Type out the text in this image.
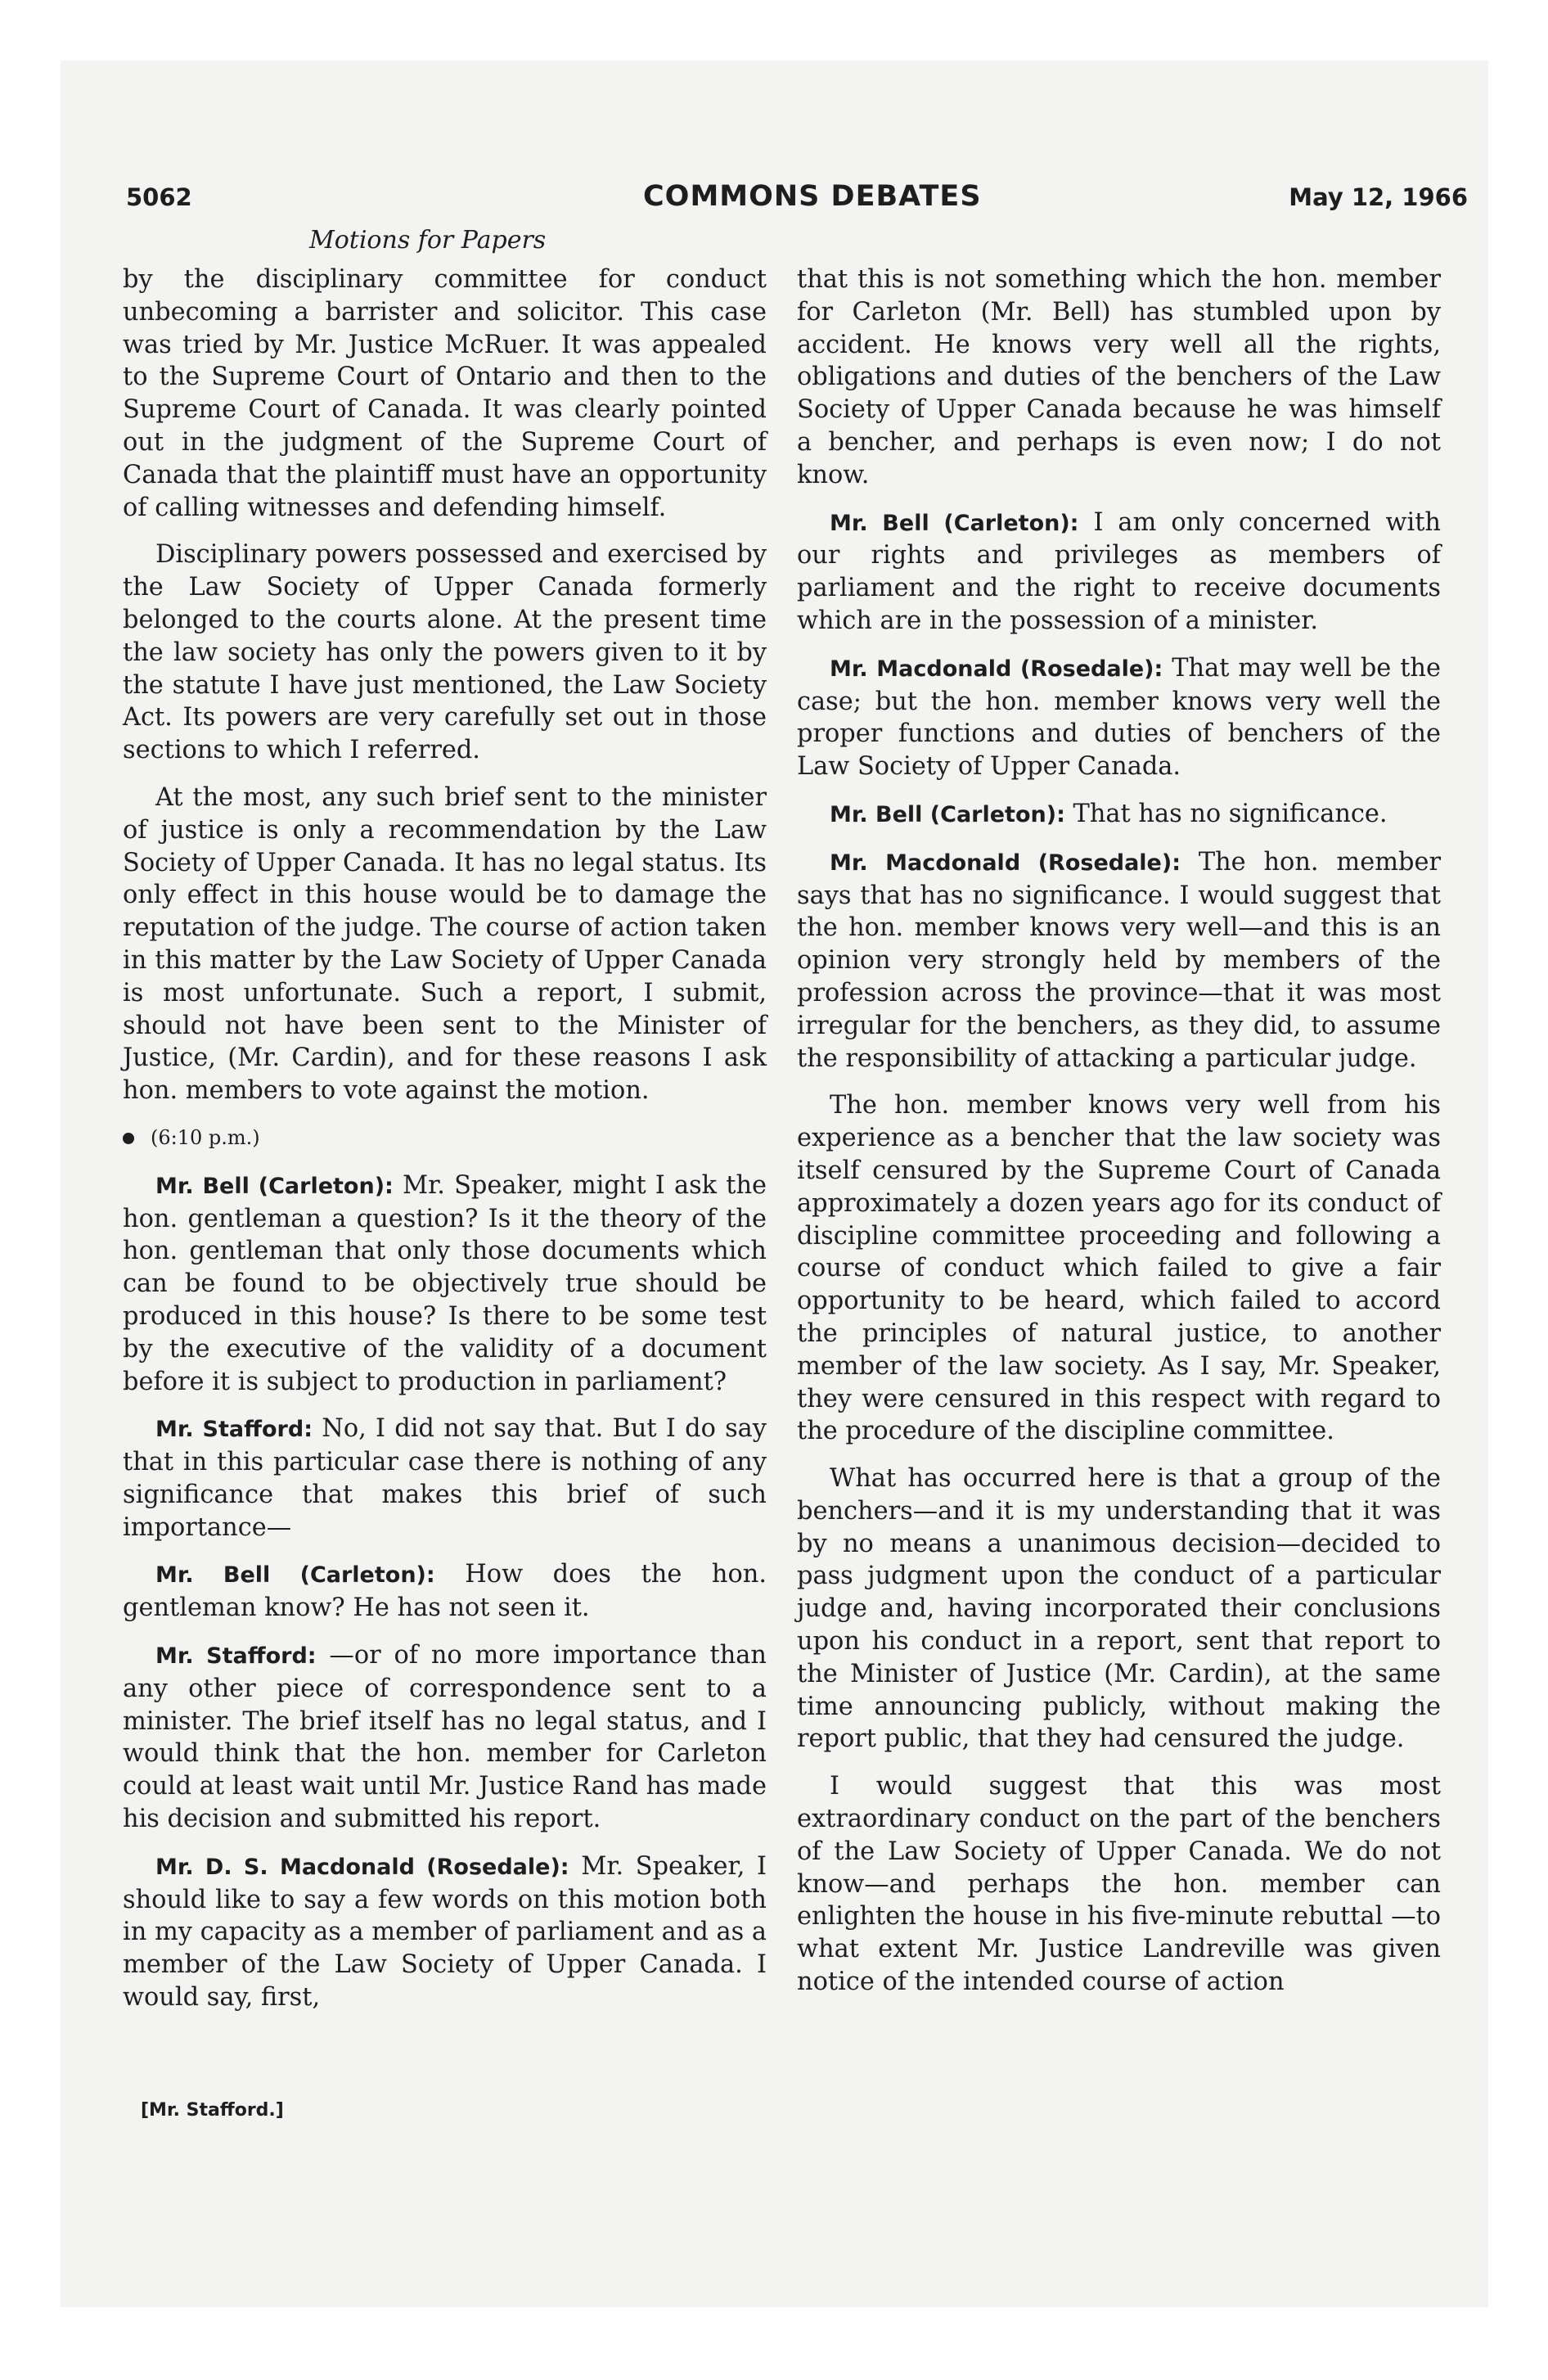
5062	COMMONS DEBATES	May 12, 1966
Motions for Papers

by the disciplinary committee for conduct unbecoming a barrister and solicitor. This case was tried by Mr. Justice McRuer. It was appealed to the Supreme Court of Ontario and then to the Supreme Court of Canada. It was clearly pointed out in the judgment of the Supreme Court of Canada that the plaintiff must have an opportunity of calling witnesses and defending himself.

Disciplinary powers possessed and exercised by the Law Society of Upper Canada formerly belonged to the courts alone. At the present time the law society has only the powers given to it by the statute I have just mentioned, the Law Society Act. Its powers are very carefully set out in those sections to which I referred.

At the most, any such brief sent to the minister of justice is only a recommendation by the Law Society of Upper Canada. It has no legal status. Its only effect in this house would be to damage the reputation of the judge. The course of action taken in this matter by the Law Society of Upper Canada is most unfortunate. Such a report, I submit, should not have been sent to the Minister of Justice, (Mr. Cardin), and for these reasons I ask hon. members to vote against the motion.

(6:10 p.m.)

Mr. Bell (Carleton): Mr. Speaker, might I ask the hon. gentleman a question? Is it the theory of the hon. gentleman that only those documents which can be found to be objectively true should be produced in this house? Is there to be some test by the executive of the validity of a document before it is subject to production in parliament?

Mr. Stafford: No, I did not say that. But I do say that in this particular case there is nothing of any significance that makes this brief of such importance—

Mr. Bell (Carleton): How does the hon. gentleman know? He has not seen it.

Mr. Stafford: —or of no more importance than any other piece of correspondence sent to a minister. The brief itself has no legal status, and I would think that the hon. member for Carleton could at least wait until Mr. Justice Rand has made his decision and submitted his report.

Mr. D. S. Macdonald (Rosedale): Mr. Speaker, I should like to say a few words on this motion both in my capacity as a member of parliament and as a member of the Law Society of Upper Canada. I would say, first,

that this is not something which the hon. member for Carleton (Mr. Bell) has stumbled upon by accident. He knows very well all the rights, obligations and duties of the benchers of the Law Society of Upper Canada because he was himself a bencher, and perhaps is even now; I do not know.

Mr. Bell (Carleton): I am only concerned with our rights and privileges as members of parliament and the right to receive documents which are in the possession of a minister.

Mr. Macdonald (Rosedale): That may well be the case; but the hon. member knows very well the proper functions and duties of benchers of the Law Society of Upper Canada.

Mr. Bell (Carleton): That has no significance.

Mr. Macdonald (Rosedale): The hon. member says that has no significance. I would suggest that the hon. member knows very well—and this is an opinion very strongly held by members of the profession across the province—that it was most irregular for the benchers, as they did, to assume the responsibility of attacking a particular judge.

The hon. member knows very well from his experience as a bencher that the law society was itself censured by the Supreme Court of Canada approximately a dozen years ago for its conduct of discipline committee proceeding and following a course of conduct which failed to give a fair opportunity to be heard, which failed to accord the principles of natural justice, to another member of the law society. As I say, Mr. Speaker, they were censured in this respect with regard to the procedure of the discipline committee.

What has occurred here is that a group of the benchers—and it is my understanding that it was by no means a unanimous decision—decided to pass judgment upon the conduct of a particular judge and, having incorporated their conclusions upon his conduct in a report, sent that report to the Minister of Justice (Mr. Cardin), at the same time announcing publicly, without making the report public, that they had censured the judge.

I would suggest that this was most extraordinary conduct on the part of the benchers of the Law Society of Upper Canada. We do not know—and perhaps the hon. member can enlighten the house in his five-minute rebuttal —to what extent Mr. Justice Landreville was given notice of the intended course of action

[Mr. Stafford.]
